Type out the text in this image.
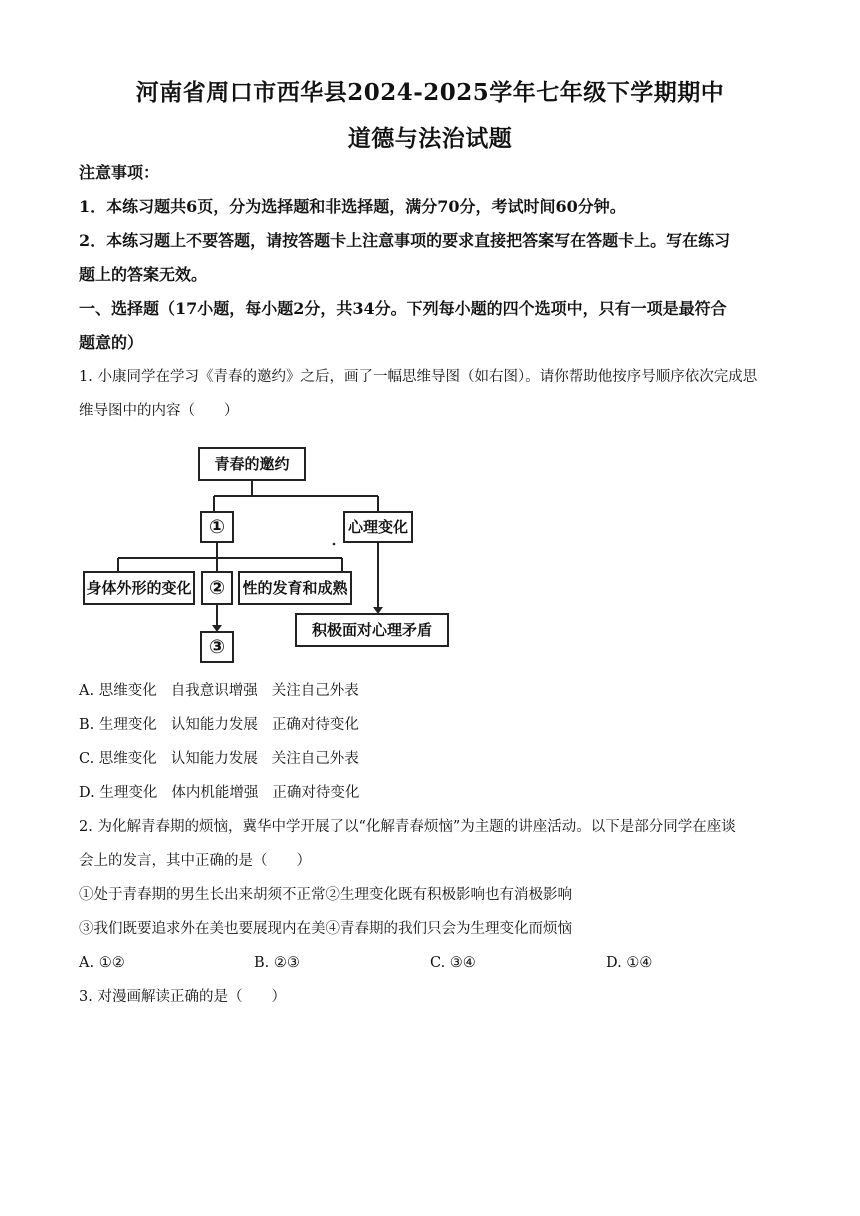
河南省周口市西华县2024-2025学年七年级下学期期中
道德与法治试题
注意事项：
1．本练习题共6页，分为选择题和非选择题，满分70分，考试时间60分钟。
2．本练习题上不要答题，请按答题卡上注意事项的要求直接把答案写在答题卡上。写在练习
题上的答案无效。
一、选择题（17小题，每小题2分，共34分。下列每小题的四个选项中，只有一项是最符合
题意的）
1. 小康同学在学习《青春的邀约》之后，画了一幅思维导图（如右图）。请你帮助他按序号顺序依次完成思
维导图中的内容（　　）
青春的邀约
①	心理变化
身体外形的变化 ② 性的发育和成熟
积极面对心理矛盾
③
A. 思维变化 自我意识增强 关注自己外表
B. 生理变化 认知能力发展 正确对待变化
C. 思维变化 认知能力发展 关注自己外表
D. 生理变化 体内机能增强 正确对待变化
2. 为化解青春期的烦恼，冀华中学开展了以“化解青春烦恼”为主题的讲座活动。以下是部分同学在座谈
会上的发言，其中正确的是（　　）
①处于青春期的男生长出来胡须不正常②生理变化既有积极影响也有消极影响
③我们既要追求外在美也要展现内在美④青春期的我们只会为生理变化而烦恼
A. ①②	B. ②③	C. ③④	D. ①④
3. 对漫画解读正确的是（　　）
